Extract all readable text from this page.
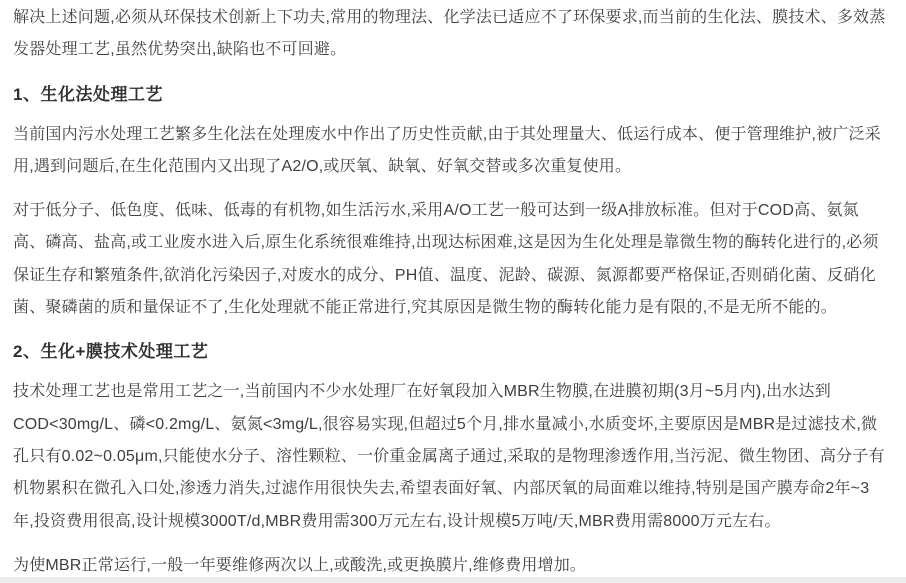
解决上述问题,必须从环保技术创新上下功夫,常用的物理法、化学法已适应不了环保要求,而当前的生化法、膜技术、多效蒸发器处理工艺,虽然优势突出,缺陷也不可回避。

1、生化法处理工艺

当前国内污水处理工艺繁多生化法在处理废水中作出了历史性贡献,由于其处理量大、低运行成本、便于管理维护,被广泛采用,遇到问题后,在生化范围内又出现了A2/O,或厌氧、缺氧、好氧交替或多次重复使用。

对于低分子、低色度、低味、低毒的有机物,如生活污水,采用A/O工艺一般可达到一级A排放标准。但对于COD高、氨氮高、磷高、盐高,或工业废水进入后,原生化系统很难维持,出现达标困难,这是因为生化处理是靠微生物的酶转化进行的,必须保证生存和繁殖条件,欲消化污染因子,对废水的成分、PH值、温度、泥龄、碳源、氮源都要严格保证,否则硝化菌、反硝化菌、聚磷菌的质和量保证不了,生化处理就不能正常进行,究其原因是微生物的酶转化能力是有限的,不是无所不能的。

2、生化+膜技术处理工艺

技术处理工艺也是常用工艺之一,当前国内不少水处理厂在好氧段加入MBR生物膜,在进膜初期(3月~5月内),出水达到COD<30mg/L、磷<0.2mg/L、氨氮<3mg/L,很容易实现,但超过5个月,排水量减小,水质变坏,主要原因是MBR是过滤技术,微孔只有0.02~0.05μm,只能使水分子、溶性颗粒、一价重金属离子通过,采取的是物理渗透作用,当污泥、微生物团、高分子有机物累积在微孔入口处,渗透力消失,过滤作用很快失去,希望表面好氧、内部厌氧的局面难以维持,特别是国产膜寿命2年~3年,投资费用很高,设计规模3000T/d,MBR费用需300万元左右,设计规模5万吨/天,MBR费用需8000万元左右。

为使MBR正常运行,一般一年要维修两次以上,或酸洗,或更换膜片,维修费用增加。
